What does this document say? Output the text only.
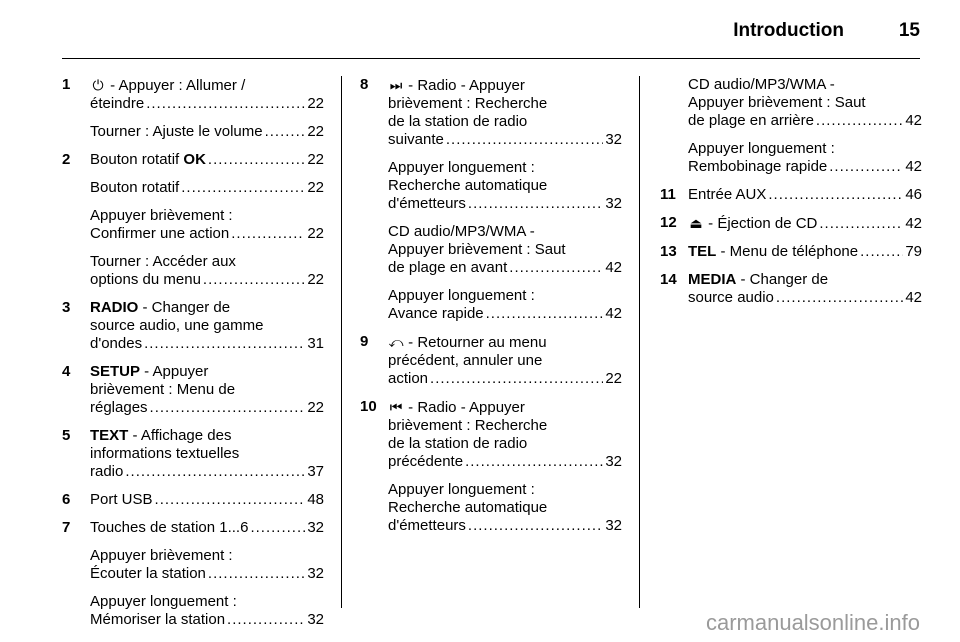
Introduction	15
1 ⏻ - Appuyer : Allumer /
éteindre .....	22
Tourner : Ajuste le volume .....	22
2 Bouton rotatif OK .....	22
Bouton rotatif .....	22
Appuyer brièvement :
Confirmer une action .....	22
Tourner : Accéder aux
options du menu .....	22
3 RADIO - Changer de
source audio, une gamme
d'ondes .....	31
4 SETUP - Appuyer
brièvement : Menu de
réglages .....	22
5 TEXT - Affichage des
informations textuelles
radio .....	37
6 Port USB .....	48
7 Touches de station 1...6 .....	32
Appuyer brièvement :
Écouter la station .....	32
Appuyer longuement :
Mémoriser la station .....	32
8 ⏭ - Radio - Appuyer
brièvement : Recherche
de la station de radio
suivante .....	32
Appuyer longuement :
Recherche automatique
d'émetteurs .....	32
CD audio/MP3/WMA -
Appuyer brièvement : Saut
de plage en avant .....	42
Appuyer longuement :
Avance rapide .....	42
9 ⤺ - Retourner au menu
précédent, annuler une
action .....	22
10 ⏮ - Radio - Appuyer
brièvement : Recherche
de la station de radio
précédente .....	32
Appuyer longuement :
Recherche automatique
d'émetteurs .....	32
CD audio/MP3/WMA -
Appuyer brièvement : Saut
de plage en arrière .....	42
Appuyer longuement :
Rembobinage rapide .....	42
11 Entrée AUX .....	46
12 ⏏ - Éjection de CD .....	42
13 TEL - Menu de téléphone .....	79
14 MEDIA - Changer de
source audio .....	42
carmanualsonline.info
